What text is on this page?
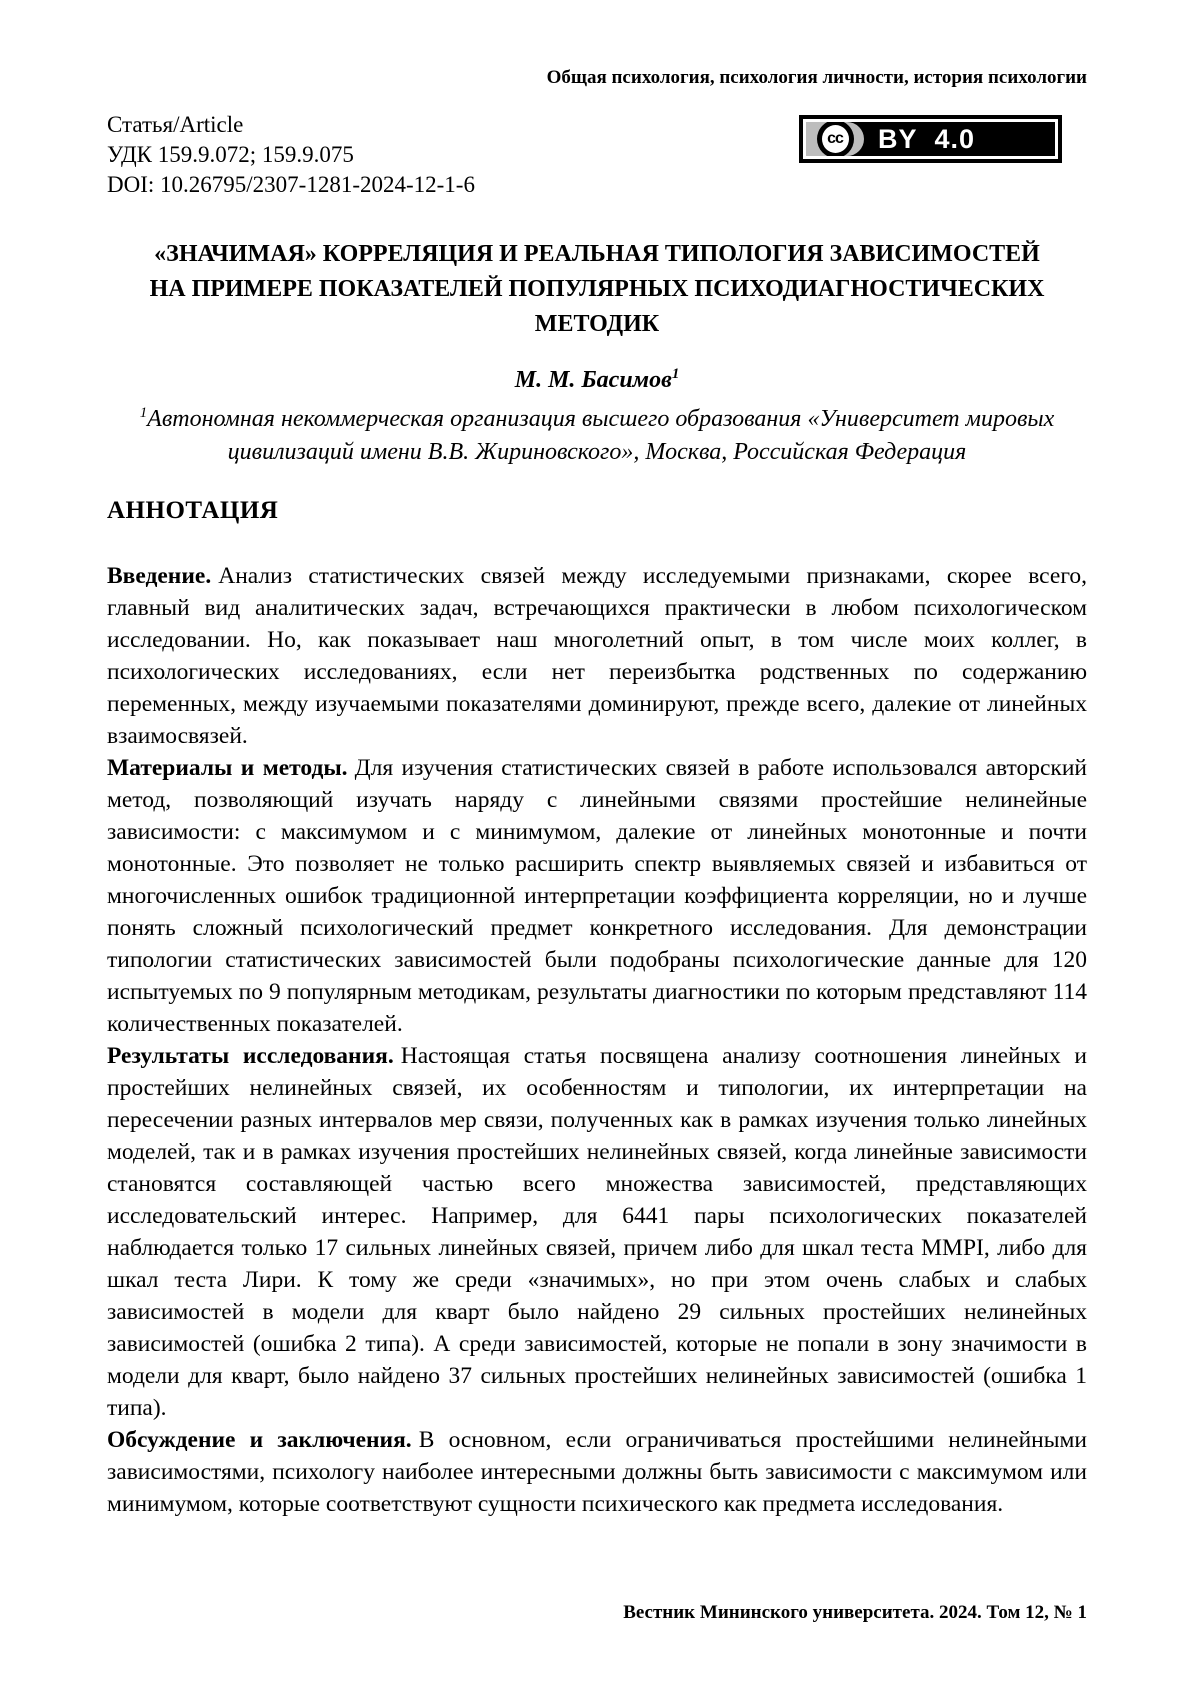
Общая психология, психология личности, история психологии
Статья/Article
УДК 159.9.072; 159.9.075
DOI: 10.26795/2307-1281-2024-12-1-6
cc	BY 4.0
«ЗНАЧИМАЯ» КОРРЕЛЯЦИЯ И РЕАЛЬНАЯ ТИПОЛОГИЯ ЗАВИСИМОСТЕЙ
НА ПРИМЕРЕ ПОКАЗАТЕЛЕЙ ПОПУЛЯРНЫХ ПСИХОДИАГНОСТИЧЕСКИХ
МЕТОДИК
М. М. Басимов$^1$
$^1$Автономная некоммерческая организация высшего образования «Университет мировых
цивилизаций имени В.В. Жириновского», Москва, Российская Федерация
АННОТАЦИЯ

Введение. Анализ статистических связей между исследуемыми признаками, скорее всего, главный вид аналитических задач, встречающихся практически в любом психологическом исследовании. Но, как показывает наш многолетний опыт, в том числе моих коллег, в психологических исследованиях, если нет переизбытка родственных по содержанию переменных, между изучаемыми показателями доминируют, прежде всего, далекие от линейных взаимосвязей.

Материалы и методы. Для изучения статистических связей в работе использовался авторский метод, позволяющий изучать наряду с линейными связями простейшие нелинейные зависимости: с максимумом и с минимумом, далекие от линейных монотонные и почти монотонные. Это позволяет не только расширить спектр выявляемых связей и избавиться от многочисленных ошибок традиционной интерпретации коэффициента корреляции, но и лучше понять сложный психологический предмет конкретного исследования. Для демонстрации типологии статистических зависимостей были подобраны психологические данные для 120 испытуемых по 9 популярным методикам, результаты диагностики по которым представляют 114 количественных показателей.

Результаты исследования. Настоящая статья посвящена анализу соотношения линейных и простейших нелинейных связей, их особенностям и типологии, их интерпретации на пересечении разных интервалов мер связи, полученных как в рамках изучения только линейных моделей, так и в рамках изучения простейших нелинейных связей, когда линейные зависимости становятся составляющей частью всего множества зависимостей, представляющих исследовательский интерес. Например, для 6441 пары психологических показателей наблюдается только 17 сильных линейных связей, причем либо для шкал теста MMPI, либо для шкал теста Лири. К тому же среди «значимых», но при этом очень слабых и слабых зависимостей в модели для кварт было найдено 29 сильных простейших нелинейных зависимостей (ошибка 2 типа). А среди зависимостей, которые не попали в зону значимости в модели для кварт, было найдено 37 сильных простейших нелинейных зависимостей (ошибка 1 типа).

Обсуждение и заключения. В основном, если ограничиваться простейшими нелинейными зависимостями, психологу наиболее интересными должны быть зависимости с максимумом или минимумом, которые соответствуют сущности психического как предмета исследования.

Вестник Мининского университета. 2024. Том 12, № 1
